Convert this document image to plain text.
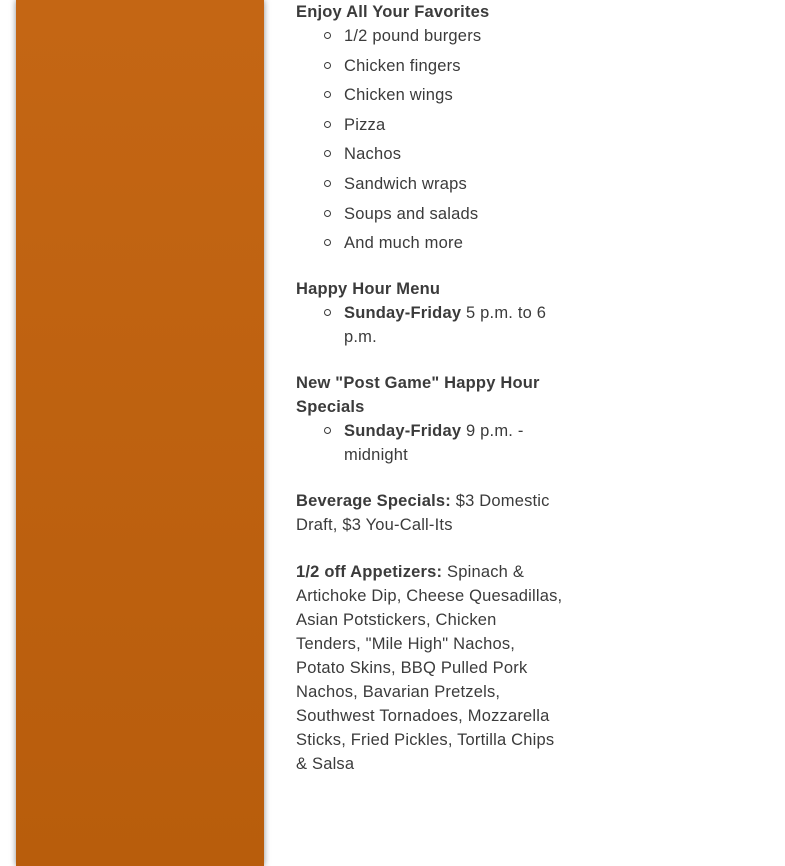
Enjoy All Your Favorites

1/2 pound burgers
Chicken fingers
Chicken wings
Pizza
Nachos
Sandwich wraps
Soups and salads
And much more

Happy Hour Menu

Sunday-Friday 5 p.m. to 6 p.m.

New "Post Game" Happy Hour Specials

Sunday-Friday 9 p.m. - midnight

Beverage Specials: $3 Domestic Draft, $3 You-Call-Its

1/2 off Appetizers: Spinach & Artichoke Dip, Cheese Quesadillas, Asian Potstickers, Chicken Tenders, "Mile High" Nachos, Potato Skins, BBQ Pulled Pork Nachos, Bavarian Pretzels, Southwest Tornadoes, Mozzarella Sticks, Fried Pickles, Tortilla Chips & Salsa
